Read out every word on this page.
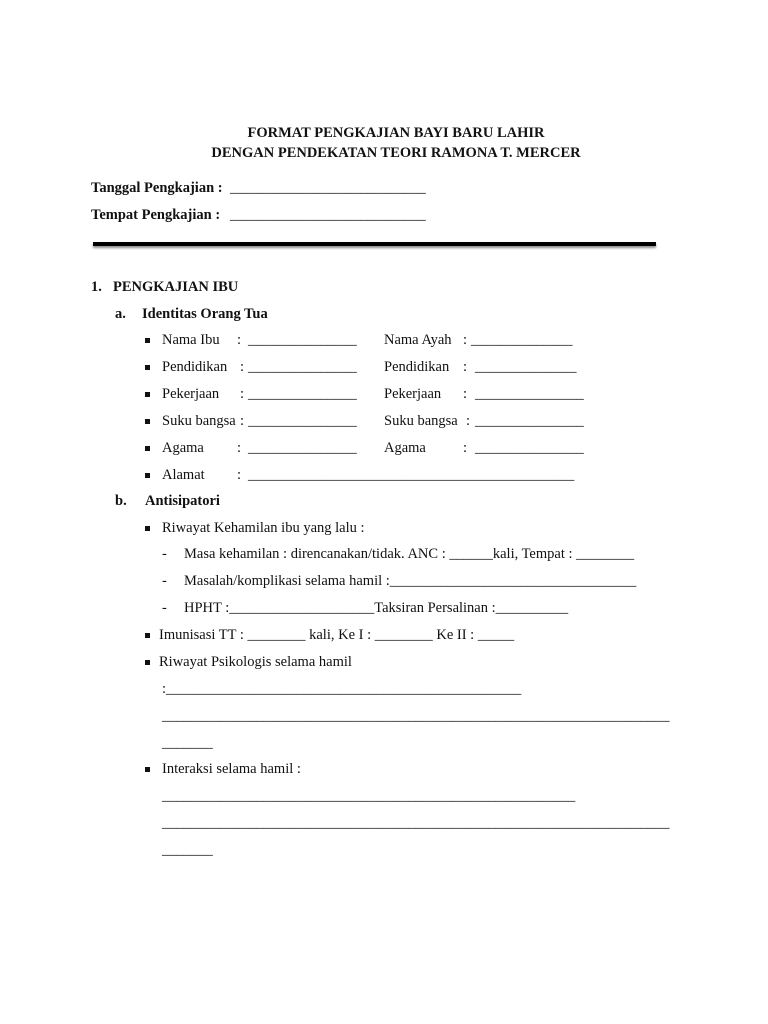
FORMAT PENGKAJIAN BAYI BARU LAHIR
DENGAN PENDEKATAN TEORI RAMONA T. MERCER
Tanggal Pengkajian : ___________________________
Tempat Pengkajian : ___________________________
1. PENGKAJIAN IBU
a. Identitas Orang Tua
Nama Ibu : _______________ Nama Ayah : ______________
Pendidikan : _______________ Pendidikan : ______________
Pekerjaan : _______________ Pekerjaan : _______________
Suku bangsa : _______________ Suku bangsa : _______________
Agama : _______________ Agama	: _______________
Alamat : _____________________________________________
b. Antisipatori
Riwayat Kehamilan ibu yang lalu :
- Masa kehamilan : direncanakan/tidak. ANC : ______kali, Tempat : ________
- Masalah/komplikasi selama hamil :__________________________________
- HPHT :____________________Taksiran Persalinan :__________
Imunisasi TT : ________ kali, Ke I : ________ Ke II : _____
Riwayat Psikologis selama hamil
:_________________________________________________
______________________________________________________________________
_______
Interaksi selama hamil :
_________________________________________________________
______________________________________________________________________
_______
